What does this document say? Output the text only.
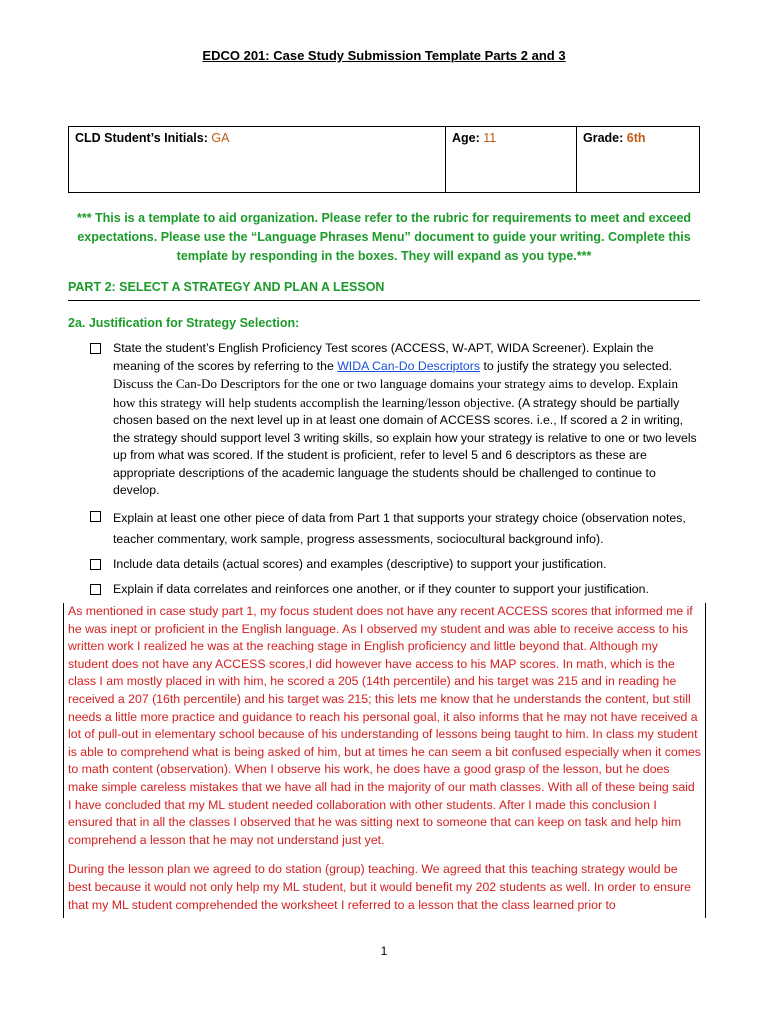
EDCO 201: Case Study Submission Template Parts 2 and 3
CLD Student’s Initials: GA	Age: 11	Grade: 6th
*** This is a template to aid organization. Please refer to the rubric for requirements to meet and exceed expectations. Please use the “Language Phrases Menu” document to guide your writing. Complete this template by responding in the boxes. They will expand as you type.***
PART 2: SELECT A STRATEGY AND PLAN A LESSON
2a. Justification for Strategy Selection:
State the student’s English Proficiency Test scores (ACCESS, W-APT, WIDA Screener). Explain the meaning of the scores by referring to the WIDA Can-Do Descriptors to justify the strategy you selected. Discuss the Can-Do Descriptors for the one or two language domains your strategy aims to develop. Explain how this strategy will help students accomplish the learning/lesson objective. (A strategy should be partially chosen based on the next level up in at least one domain of ACCESS scores. i.e., If scored a 2 in writing, the strategy should support level 3 writing skills, so explain how your strategy is relative to one or two levels up from what was scored. If the student is proficient, refer to level 5 and 6 descriptors as these are appropriate descriptions of the academic language the students should be challenged to continue to develop.
Explain at least one other piece of data from Part 1 that supports your strategy choice (observation notes, teacher commentary, work sample, progress assessments, sociocultural background info).
Include data details (actual scores) and examples (descriptive) to support your justification.
Explain if data correlates and reinforces one another, or if they counter to support your justification.

As mentioned in case study part 1, my focus student does not have any recent ACCESS scores that informed me if he was inept or proficient in the English language. As I observed my student and was able to receive access to his written work I realized he was at the reaching stage in English proficiency and little beyond that. Although my student does not have any ACCESS scores,I did however have access to his MAP scores. In math, which is the class I am mostly placed in with him, he scored a 205 (14th percentile) and his target was 215 and in reading he received a 207 (16th percentile) and his target was 215; this lets me know that he understands the content, but still needs a little more practice and guidance to reach his personal goal, it also informs that he may not have received a lot of pull-out in elementary school because of his understanding of lessons being taught to him. In class my student is able to comprehend what is being asked of him, but at times he can seem a bit confused especially when it comes to math content (observation). When I observe his work, he does have a good grasp of the lesson, but he does make simple careless mistakes that we have all had in the majority of our math classes. With all of these being said I have concluded that my ML student needed collaboration with other students. After I made this conclusion I ensured that in all the classes I observed that he was sitting next to someone that can keep on task and help him comprehend a lesson that he may not understand just yet.

During the lesson plan we agreed to do station (group) teaching. We agreed that this teaching strategy would be best because it would not only help my ML student, but it would benefit my 202 students as well. In order to ensure that my ML student comprehended the worksheet I referred to a lesson that the class learned prior to

1
